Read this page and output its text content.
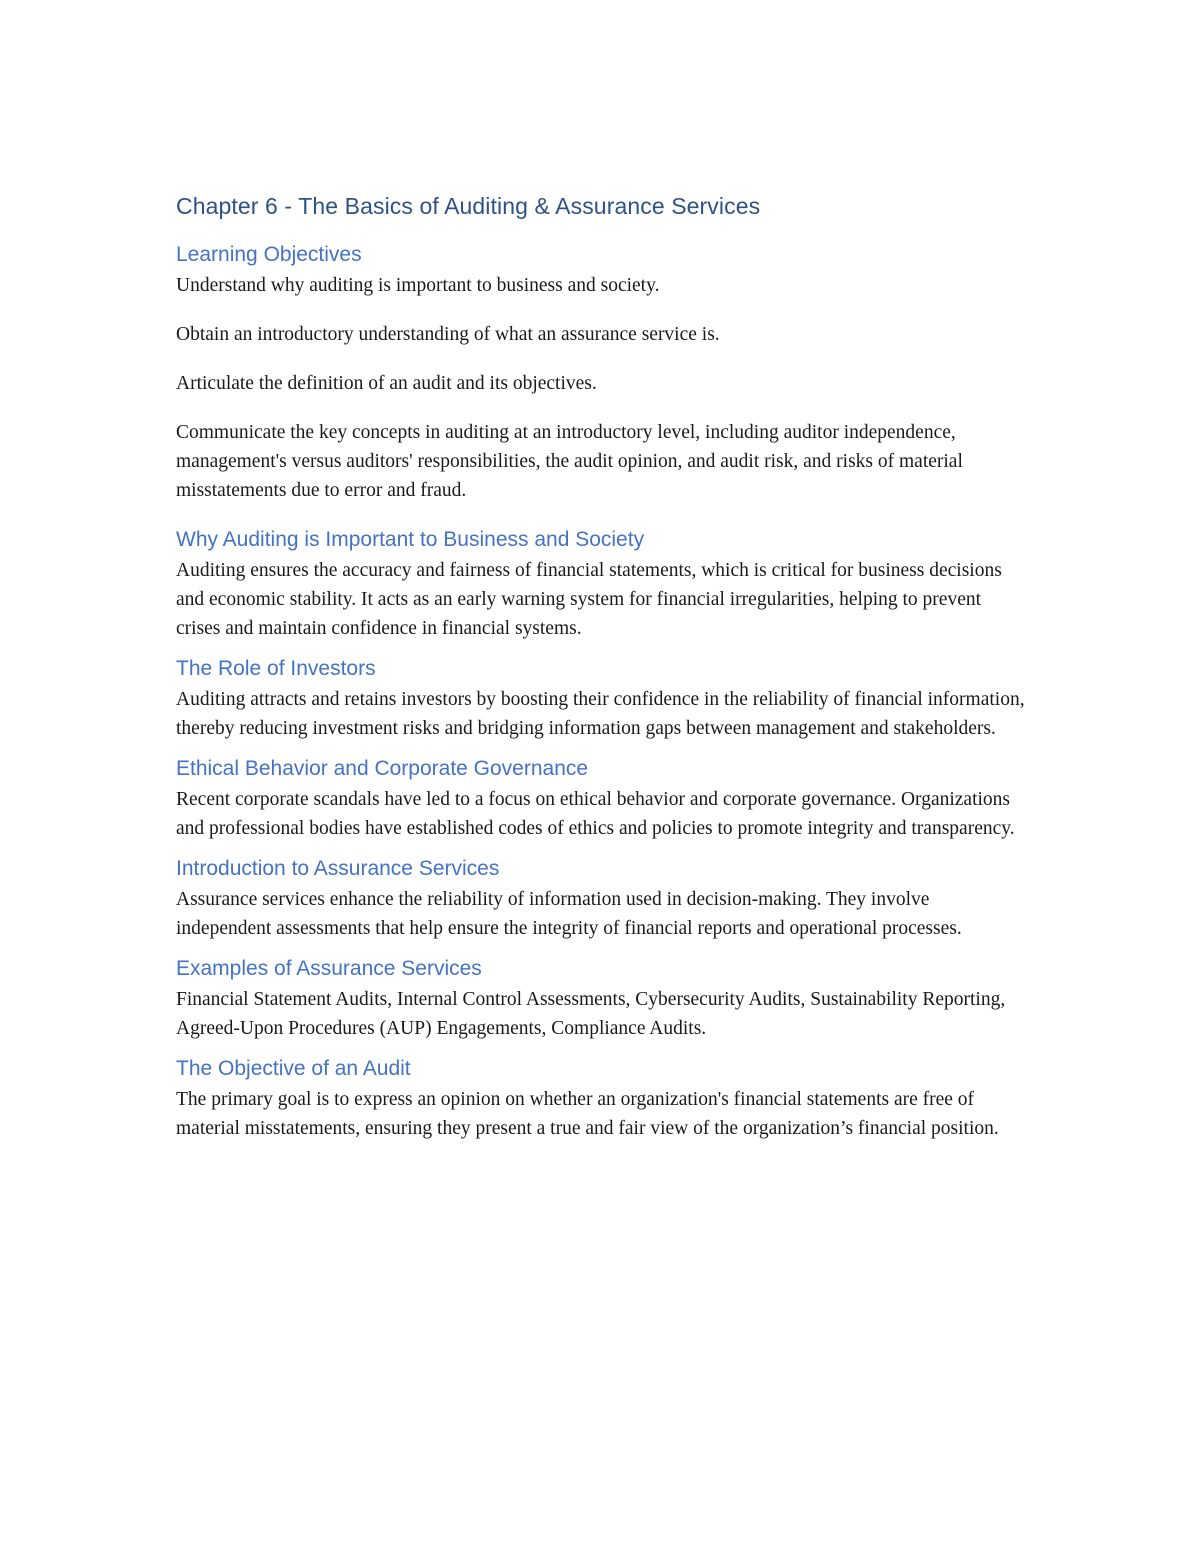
Chapter 6 - The Basics of Auditing & Assurance Services
Learning Objectives

Understand why auditing is important to business and society.

Obtain an introductory understanding of what an assurance service is.

Articulate the definition of an audit and its objectives.

Communicate the key concepts in auditing at an introductory level, including auditor independence, management's versus auditors' responsibilities, the audit opinion, and audit risk, and risks of material misstatements due to error and fraud.

Why Auditing is Important to Business and Society

Auditing ensures the accuracy and fairness of financial statements, which is critical for business decisions and economic stability. It acts as an early warning system for financial irregularities, helping to prevent crises and maintain confidence in financial systems.

The Role of Investors

Auditing attracts and retains investors by boosting their confidence in the reliability of financial information, thereby reducing investment risks and bridging information gaps between management and stakeholders.

Ethical Behavior and Corporate Governance

Recent corporate scandals have led to a focus on ethical behavior and corporate governance. Organizations and professional bodies have established codes of ethics and policies to promote integrity and transparency.

Introduction to Assurance Services

Assurance services enhance the reliability of information used in decision-making. They involve independent assessments that help ensure the integrity of financial reports and operational processes.

Examples of Assurance Services

Financial Statement Audits, Internal Control Assessments, Cybersecurity Audits, Sustainability Reporting, Agreed-Upon Procedures (AUP) Engagements, Compliance Audits.

The Objective of an Audit

The primary goal is to express an opinion on whether an organization's financial statements are free of material misstatements, ensuring they present a true and fair view of the organization’s financial position.
